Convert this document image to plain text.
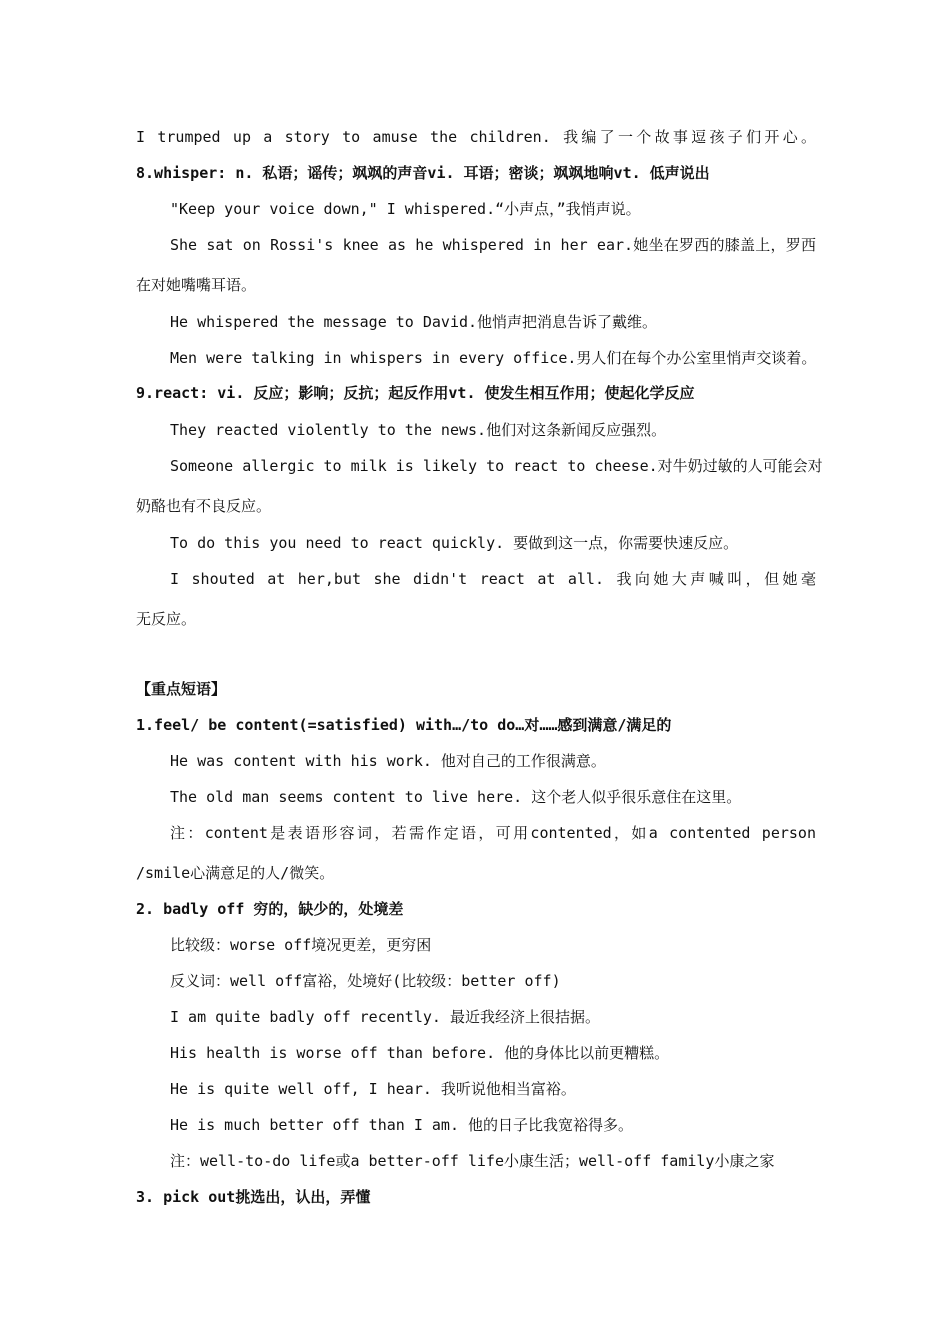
I trumped up a story to amuse the children. 我编了一个故事逗孩子们开心。
8.whisper: n. 私语；谣传；飒飒的声音vi. 耳语；密谈；飒飒地响vt. 低声说出
"Keep your voice down," I whispered.“小声点，”我悄声说。
She sat on Rossi's knee as he whispered in her ear.她坐在罗西的膝盖上，罗西
在对她嘴嘴耳语。
He whispered the message to David.他悄声把消息告诉了戴维。
Men were talking in whispers in every office.男人们在每个办公室里悄声交谈着。
9.react: vi. 反应；影响；反抗；起反作用vt. 使发生相互作用；使起化学反应
They reacted violently to the news.他们对这条新闻反应强烈。
Someone allergic to milk is likely to react to cheese.对牛奶过敏的人可能会对
奶酪也有不良反应。
To do this you need to react quickly. 要做到这一点，你需要快速反应。
I shouted at her,but she didn't react at all. 我向她大声喊叫，但她毫
无反应。
【重点短语】
1.feel/ be content(=satisfied) with…/to do…对……感到满意/满足的
He was content with his work. 他对自己的工作很满意。
The old man seems content to live here. 这个老人似乎很乐意住在这里。
注：content是表语形容词，若需作定语，可用contented，如a contented person
/smile心满意足的人/微笑。
2. badly off 穷的，缺少的，处境差
比较级：worse off境况更差，更穷困
反义词：well off富裕，处境好(比较级：better off)
I am quite badly off recently. 最近我经济上很拮据。
His health is worse off than before. 他的身体比以前更糟糕。
He is quite well off, I hear. 我听说他相当富裕。
He is much better off than I am. 他的日子比我宽裕得多。
注：well-to-do life或a better-off life小康生活；well-off family小康之家
3. pick out挑选出，认出，弄懂
